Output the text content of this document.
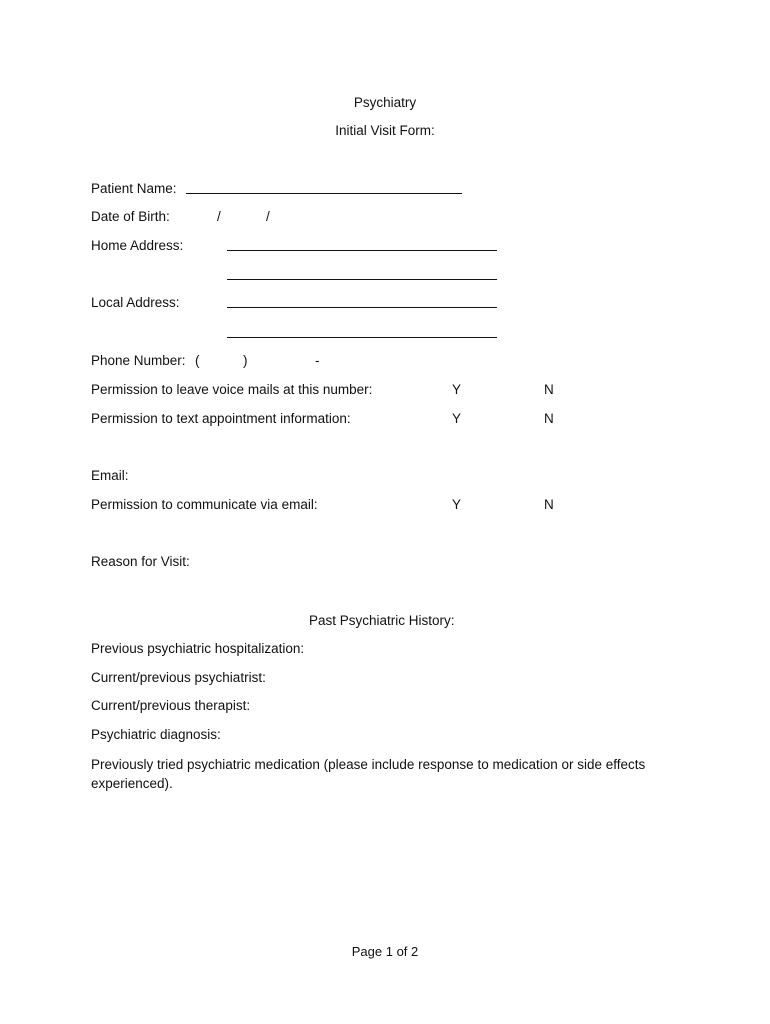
Psychiatry
Initial Visit Form:
Patient Name:
Date of Birth:	/	/
Home Address:
Local Address:
Phone Number: (	)	-
Permission to leave voice mails at this number:	Y	N
Permission to text appointment information:	Y	N
Email:
Permission to communicate via email:	Y	N
Reason for Visit:
Past Psychiatric History:
Previous psychiatric hospitalization:
Current/previous psychiatrist:
Current/previous therapist:
Psychiatric diagnosis:
Previously tried psychiatric medication (please include response to medication or side effects experienced).
Page 1 of 2
